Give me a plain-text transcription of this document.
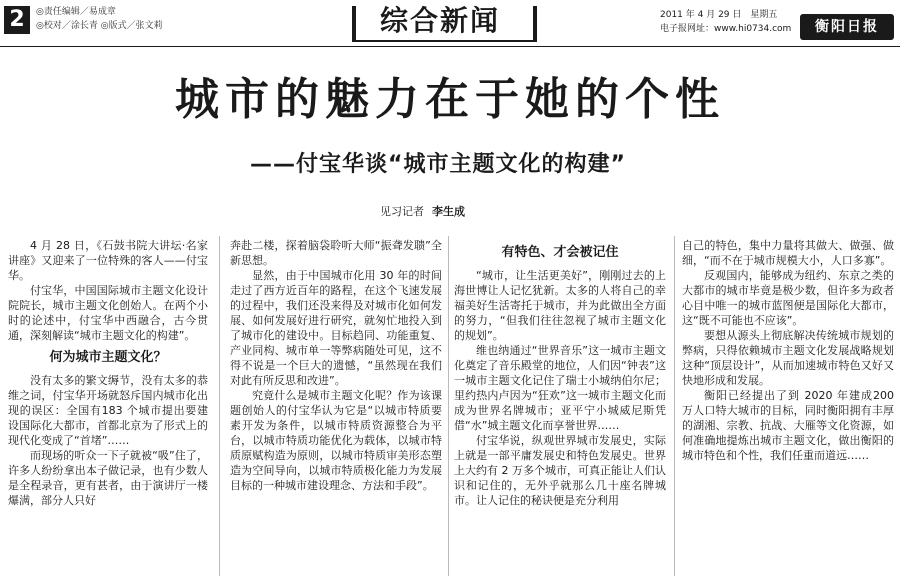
2	◎责任编辑／易成章
◎校对／涂长青 ◎版式／张文莉	综合新闻	2011 年 4 月 29 日　星期五
电子报网址：www.hi0734.com	衡阳日报
城市的魅力在于她的个性
——付宝华谈“城市主题文化的构建”
见习记者 李生成

4 月 28 日，《石鼓书院大讲坛·名家讲座》又迎来了一位特殊的客人——付宝华。

付宝华，中国国际城市主题文化设计院院长，城市主题文化创始人。在两个小时的论述中，付宝华中西融合，古今贯通，深刻解读“城市主题文化的构建”。

何为城市主题文化？

没有太多的繁文缛节，没有太多的恭维之词，付宝华开场就怒斥国内城市化出现的误区：全国有183 个城市提出要建设国际化大都市，首都北京为了形式上的现代化变成了“首堵”……

而现场的听众一下子就被“吸”住了，许多人纷纷拿出本子做记录，也有少数人是全程录音，更有甚者，由于演讲厅一楼爆满，部分人只好

奔赴二楼，探着脑袋聆听大师“振聋发聩”全新思想。

显然，由于中国城市化用 30 年的时间走过了西方近百年的路程，在这个飞速发展的过程中，我们还没来得及对城市化如何发展、如何发展好进行研究，就匆忙地投入到了城市化的建设中。目标趋同、功能重复、产业同构、城市单一等弊病随处可见，这不得不说是一个巨大的遗憾，“虽然现在我们对此有所反思和改进”。

究竟什么是城市主题文化呢？作为该课题创始人的付宝华认为它是“以城市特质要素开发为条件，以城市特质资源整合为平台，以城市特质功能优化为载体，以城市特质原赋构造为原则，以城市特质审美形态塑造为空间导向，以城市特质极化能力为发展目标的一种城市建设理念、方法和手段”。

有特色、才会被记住

“城市，让生活更美好”，刚刚过去的上海世博让人记忆犹新。太多的人将自己的幸福美好生活寄托于城市，并为此做出全方面的努力，“但我们往往忽视了城市主题文化的规划”。

维也纳通过“世界音乐”这一城市主题文化奠定了音乐殿堂的地位，人们因“钟表”这一城市主题文化记住了瑞士小城纳伯尔尼；里约热内卢因为“狂欢”这一城市主题文化而成为世界名牌城市；亚平宁小城威尼斯凭借“水”城主题文化而享誉世界……

付宝华说，纵观世界城市发展史，实际上就是一部平庸发展史和特色发展史。世界上大约有 2 万多个城市，可真正能让人们认识和记住的，无外乎就那么几十座名牌城市。让人记住的秘诀便是充分利用

自己的特色，集中力量将其做大、做强、做细，“而不在于城市规模大小，人口多寡”。

反观国内，能够成为纽约、东京之类的大都市的城市毕竟是极少数，但许多为政者心目中唯一的城市蓝图便是国际化大都市，这“既不可能也不应该”。

要想从源头上彻底解决传统城市规划的弊病，只得依赖城市主题文化发展战略规划这种“顶层设计”，从而加速城市特色又好又快地形成和发展。

衡阳已经提出了到 2020 年建成200 万人口特大城市的目标，同时衡阳拥有丰厚的湖湘、宗教、抗战、大雁等文化资源，如何准确地提炼出城市主题文化，做出衡阳的城市特色和个性，我们任重而道远……
